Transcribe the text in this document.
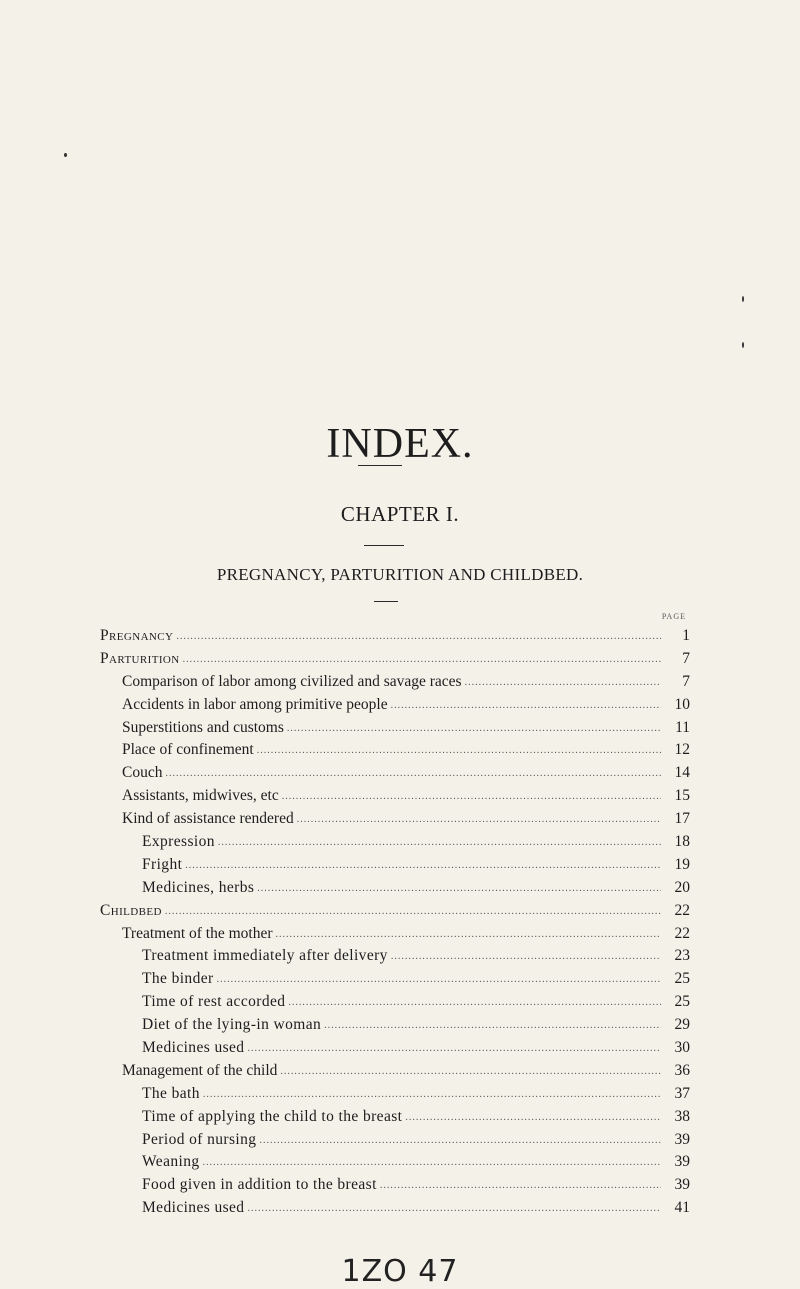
INDEX.
CHAPTER I.
PREGNANCY, PARTURITION AND CHILDBED.
PAGE
Pregnancy .....	1
Parturition .....	7
Comparison of labor among civilized and savage races .....	7
Accidents in labor among primitive people .....	10
Superstitions and customs .....	11
Place of confinement .....	12
Couch .....	14
Assistants, midwives, etc .....	15
Kind of assistance rendered .....	17
Expression .....	18
Fright .....	19
Medicines, herbs .....	20
Childbed .....	22
Treatment of the mother .....	22
Treatment immediately after delivery .....	23
The binder .....	25
Time of rest accorded .....	25
Diet of the lying-in woman .....	29
Medicines used .....	30
Management of the child .....	36
The bath .....	37
Time of applying the child to the breast .....	38
Period of nursing .....	39
Weaning .....	39
Food given in addition to the breast .....	39
Medicines used .....	41
1ZO 47
